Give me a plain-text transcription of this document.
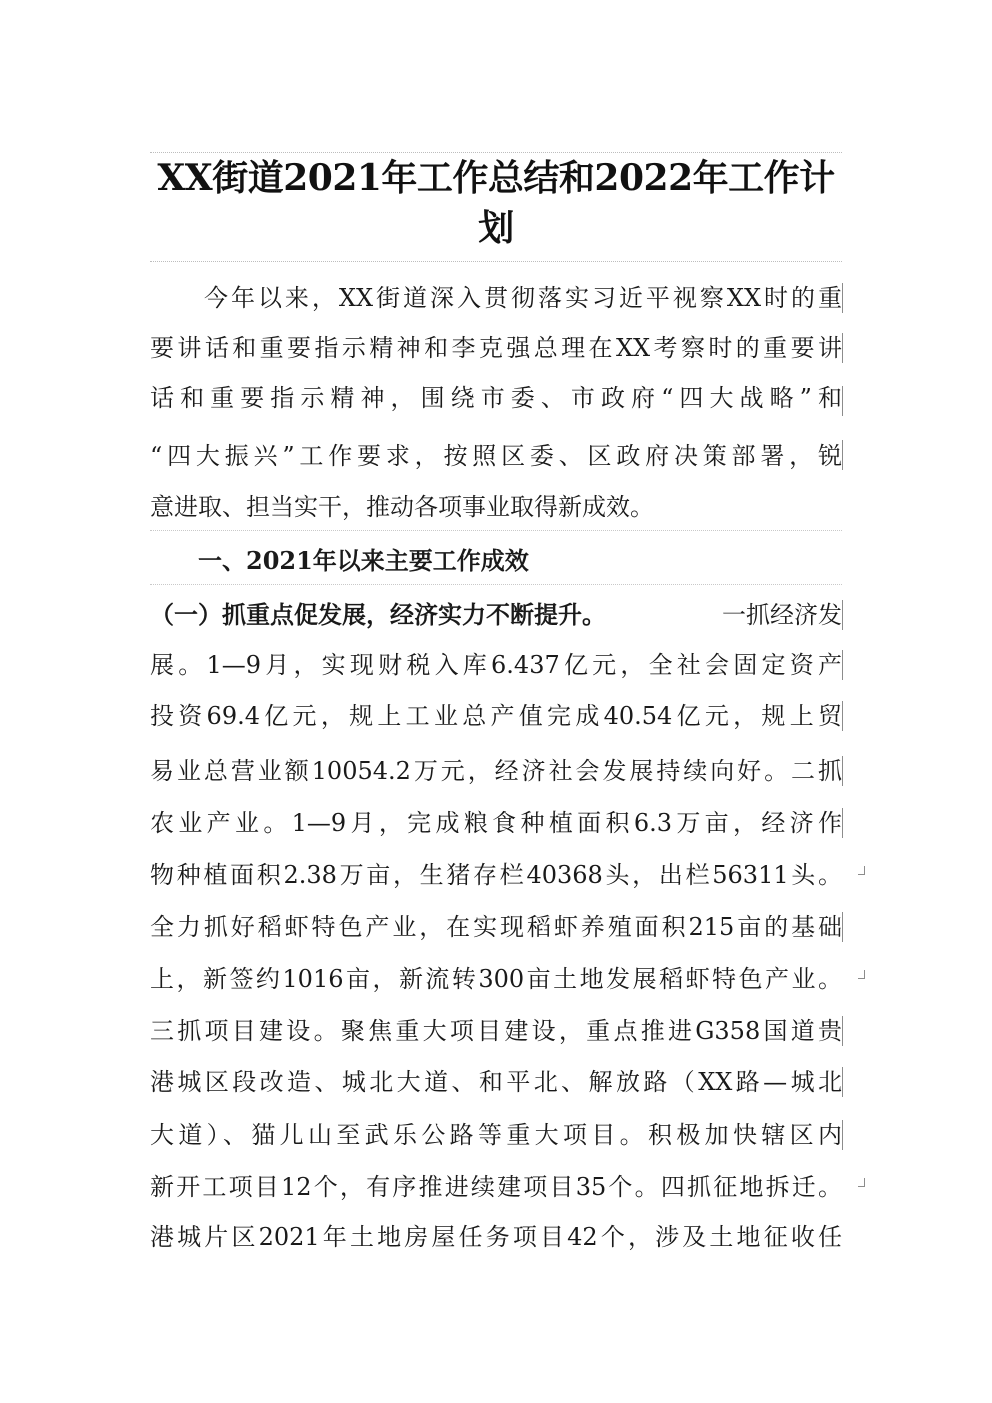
XX街道2021年工作总结和2022年工作计划
　　今年以来，XX街道深入贯彻落实习近平视察XX时的重
要讲话和重要指示精神和李克强总理在XX考察时的重要讲
话和重要指示精神，围绕市委、市政府“四大战略”和
“四大振兴”工作要求，按照区委、区政府决策部署，锐
意进取、担当实干，推动各项事业取得新成效。
　　一、2021年以来主要工作成效
（一）抓重点促发展，经济实力不断提升。	一抓经济发
展。1—9月，实现财税入库6.437亿元，全社会固定资产
投资69.4亿元，规上工业总产值完成40.54亿元，规上贸
易业总营业额10054.2万元，经济社会发展持续向好。二抓
农业产业。1—9月，完成粮食种植面积6.3万亩，经济作
物种植面积2.38万亩，生猪存栏40368头，出栏56311头。
全力抓好稻虾特色产业，在实现稻虾养殖面积215亩的基础
上，新签约1016亩，新流转300亩土地发展稻虾特色产业。
三抓项目建设。聚焦重大项目建设，重点推进G358国道贵
港城区段改造、城北大道、和平北、解放路（XX路—城北
大道）、猫儿山至武乐公路等重大项目。积极加快辖区内
新开工项目12个，有序推进续建项目35个。四抓征地拆迁。
港城片区2021年土地房屋任务项目42个，涉及土地征收任
